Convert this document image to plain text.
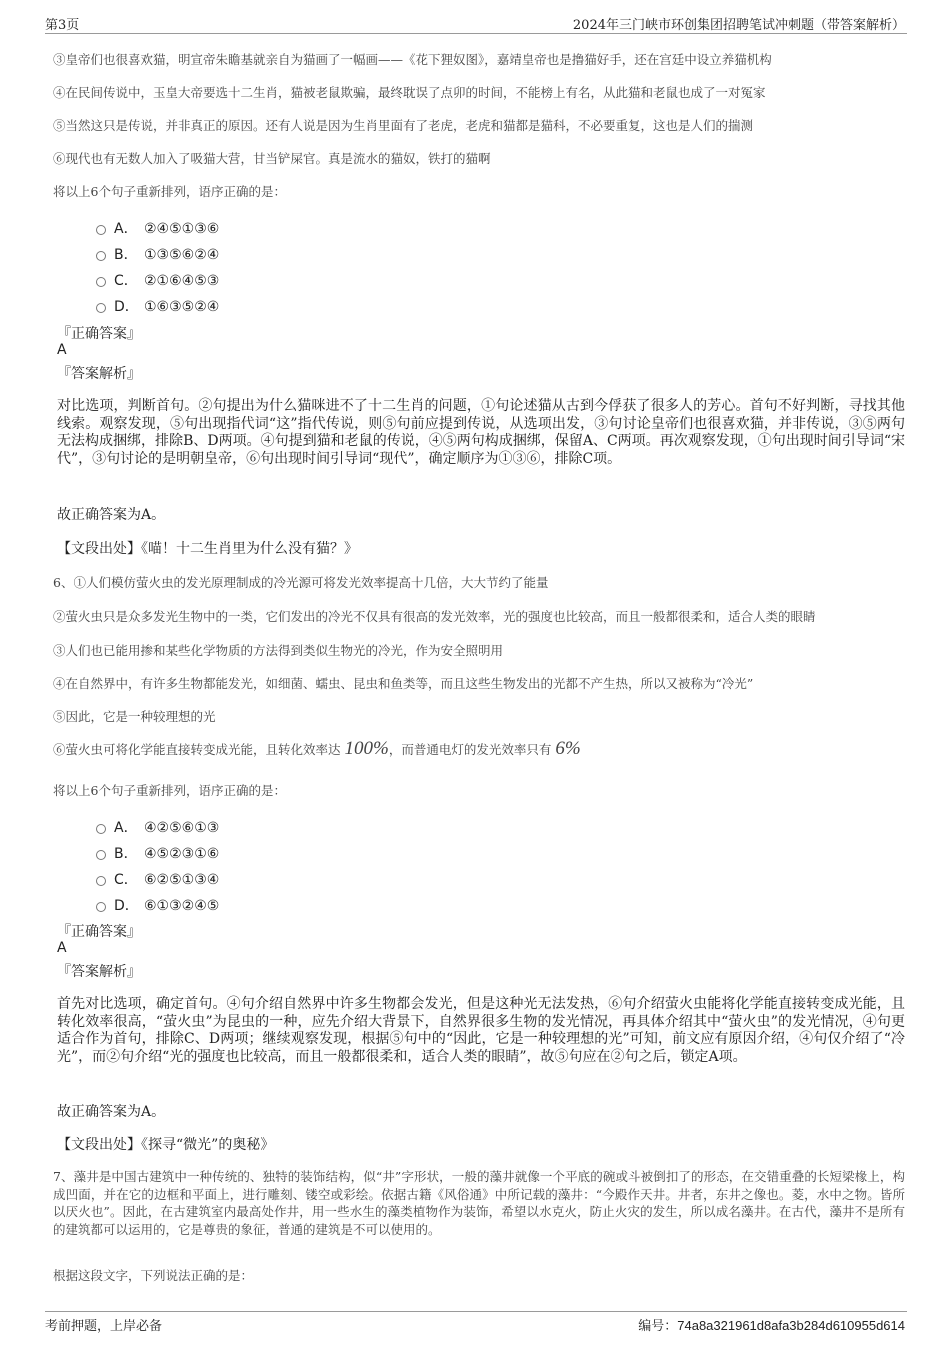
第3页	2024年三门峡市环创集团招聘笔试冲刺题（带答案解析）
③皇帝们也很喜欢猫，明宣帝朱瞻基就亲自为猫画了一幅画——《花下狸奴图》，嘉靖皇帝也是撸猫好手，还在宫廷中设立养猫机构
④在民间传说中，玉皇大帝要选十二生肖，猫被老鼠欺骗，最终耽误了点卯的时间，不能榜上有名，从此猫和老鼠也成了一对冤家
⑤当然这只是传说，并非真正的原因。还有人说是因为生肖里面有了老虎，老虎和猫都是猫科，不必要重复，这也是人们的揣测
⑥现代也有无数人加入了吸猫大营，甘当铲屎官。真是流水的猫奴，铁打的猫啊
将以上6个句子重新排列，语序正确的是：
A． ②④⑤①③⑥
B． ①③⑤⑥②④
C． ②①⑥④⑤③
D． ①⑥③⑤②④
『正确答案』
A
『答案解析』
对比选项，判断首句。②句提出为什么猫咪进不了十二生肖的问题，①句论述猫从古到今俘获了很多人的芳心。首句不好判断，寻找其他线索。观察发现，⑤句出现指代词“这”指代传说，则⑤句前应提到传说，从选项出发，③句讨论皇帝们也很喜欢猫，并非传说，③⑤两句无法构成捆绑，排除B、D两项。④句提到猫和老鼠的传说，④⑤两句构成捆绑，保留A、C两项。再次观察发现，①句出现时间引导词“宋代”，③句讨论的是明朝皇帝，⑥句出现时间引导词“现代”，确定顺序为①③⑥，排除C项。
故正确答案为A。
【文段出处】《喵！十二生肖里为什么没有猫？》
6、①人们模仿萤火虫的发光原理制成的冷光源可将发光效率提高十几倍，大大节约了能量
②萤火虫只是众多发光生物中的一类，它们发出的冷光不仅具有很高的发光效率，光的强度也比较高，而且一般都很柔和，适合人类的眼睛
③人们也已能用掺和某些化学物质的方法得到类似生物光的冷光，作为安全照明用
④在自然界中，有许多生物都能发光，如细菌、蠕虫、昆虫和鱼类等，而且这些生物发出的光都不产生热，所以又被称为“冷光”
⑤因此，它是一种较理想的光
⑥萤火虫可将化学能直接转变成光能，且转化效率达 100%，而普通电灯的发光效率只有 6%
将以上6个句子重新排列，语序正确的是：
A． ④②⑤⑥①③
B． ④⑤②③①⑥
C． ⑥②⑤①③④
D． ⑥①③②④⑤
『正确答案』
A
『答案解析』
首先对比选项，确定首句。④句介绍自然界中许多生物都会发光，但是这种光无法发热，⑥句介绍萤火虫能将化学能直接转变成光能，且转化效率很高，“萤火虫”为昆虫的一种，应先介绍大背景下，自然界很多生物的发光情况，再具体介绍其中“萤火虫”的发光情况，④句更适合作为首句，排除C、D两项；继续观察发现，根据⑤句中的“因此，它是一种较理想的光”可知，前文应有原因介绍，④句仅介绍了“冷光”，而②句介绍“光的强度也比较高，而且一般都很柔和，适合人类的眼睛”，故⑤句应在②句之后，锁定A项。
故正确答案为A。
【文段出处】《探寻“微光”的奥秘》
7、藻井是中国古建筑中一种传统的、独特的装饰结构，似“井”字形状，一般的藻井就像一个平底的碗或斗被倒扣了的形态，在交错重叠的长短梁椽上，构成凹面，并在它的边框和平面上，进行雕刻、镂空或彩绘。依据古籍《风俗通》中所记载的藻井：“今殿作天井。井者，东井之像也。菱，水中之物。皆所以厌火也”。因此，在古建筑室内最高处作井，用一些水生的藻类植物作为装饰，希望以水克火，防止火灾的发生，所以成名藻井。在古代，藻井不是所有的建筑都可以运用的，它是尊贵的象征，普通的建筑是不可以使用的。
根据这段文字，下列说法正确的是：
考前押题，上岸必备	编号：74a8a321961d8afa3b284d610955d614
